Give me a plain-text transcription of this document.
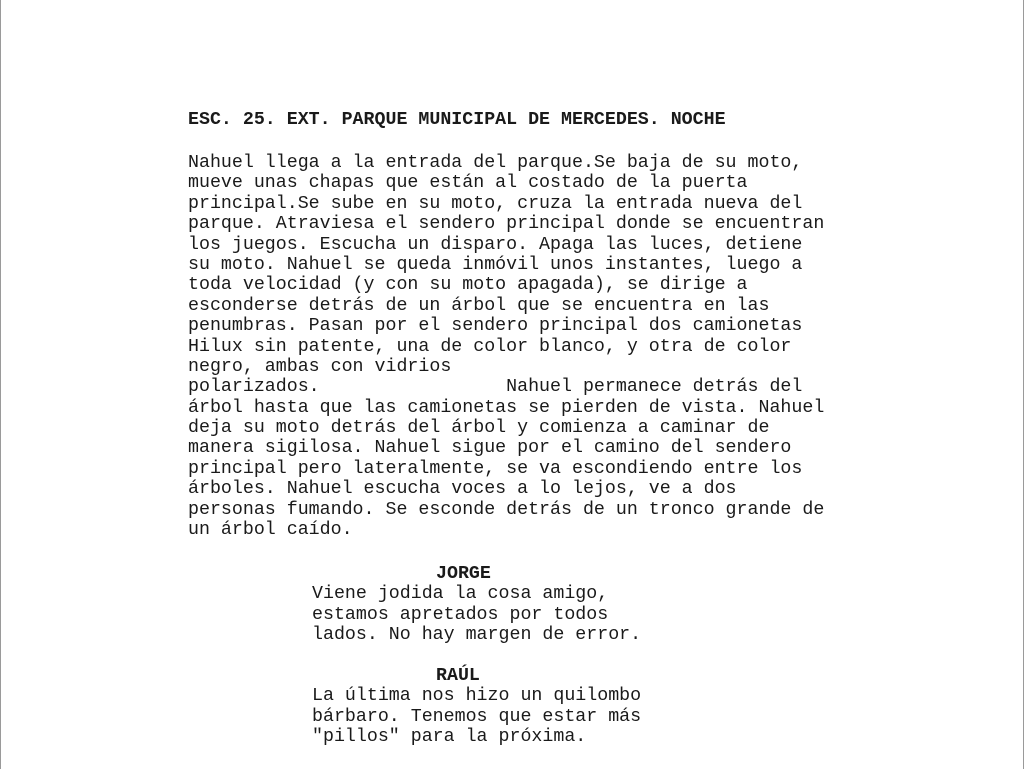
ESC. 25. EXT. PARQUE MUNICIPAL DE MERCEDES. NOCHE
Nahuel llega a la entrada del parque.Se baja de su moto,
mueve unas chapas que están al costado de la puerta
principal.Se sube en su moto, cruza la entrada nueva del
parque. Atraviesa el sendero principal donde se encuentran
los juegos. Escucha un disparo. Apaga las luces, detiene
su moto. Nahuel se queda inmóvil unos instantes, luego a
toda velocidad (y con su moto apagada), se dirige a
esconderse detrás de un árbol que se encuentra en las
penumbras. Pasan por el sendero principal dos camionetas
Hilux sin patente, una de color blanco, y otra de color
negro, ambas con vidrios
polarizados.                 Nahuel permanece detrás del
árbol hasta que las camionetas se pierden de vista. Nahuel
deja su moto detrás del árbol y comienza a caminar de
manera sigilosa. Nahuel sigue por el camino del sendero
principal pero lateralmente, se va escondiendo entre los
árboles. Nahuel escucha voces a lo lejos, ve a dos
personas fumando. Se esconde detrás de un tronco grande de
un árbol caído.
JORGE
Viene jodida la cosa amigo,
estamos apretados por todos
lados. No hay margen de error.
RAÚL
La última nos hizo un quilombo
bárbaro. Tenemos que estar más
"pillos" para la próxima.
